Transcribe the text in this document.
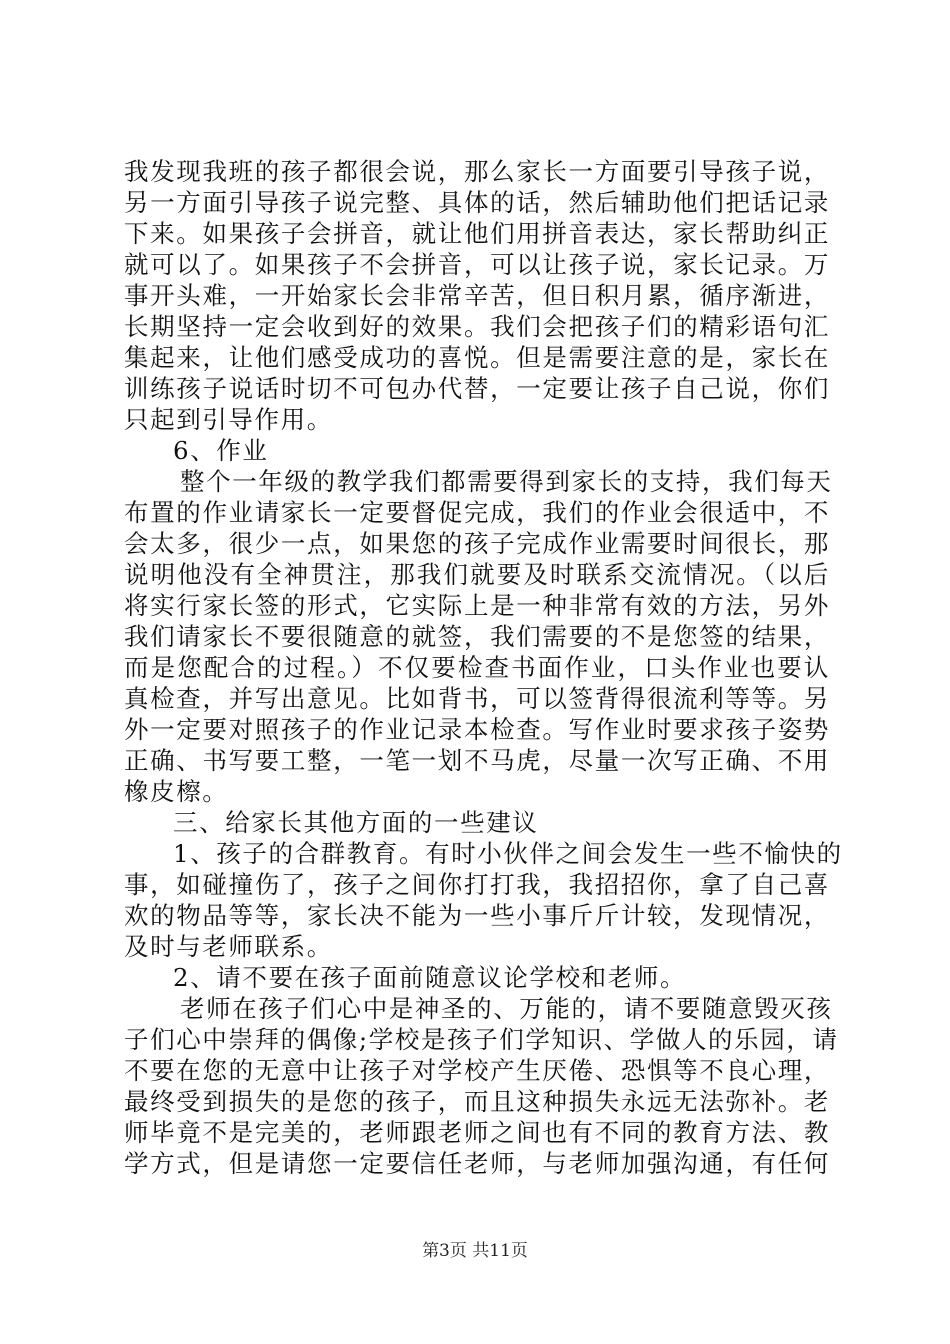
我发现我班的孩子都很会说，那么家长一方面要引导孩子说，
另一方面引导孩子说完整、具体的话，然后辅助他们把话记录
下来。如果孩子会拼音，就让他们用拼音表达，家长帮助纠正
就可以了。如果孩子不会拼音，可以让孩子说，家长记录。万
事开头难，一开始家长会非常辛苦，但日积月累，循序渐进，
长期坚持一定会收到好的效果。我们会把孩子们的精彩语句汇
集起来，让他们感受成功的喜悦。但是需要注意的是，家长在
训练孩子说话时切不可包办代替，一定要让孩子自己说，你们
只起到引导作用。
6、作业
整个一年级的教学我们都需要得到家长的支持，我们每天
布置的作业请家长一定要督促完成，我们的作业会很适中，不
会太多，很少一点，如果您的孩子完成作业需要时间很长，那
说明他没有全神贯注，那我们就要及时联系交流情况。（以后
将实行家长签的形式，它实际上是一种非常有效的方法，另外
我们请家长不要很随意的就签，我们需要的不是您签的结果，
而是您配合的过程。）不仅要检查书面作业，口头作业也要认
真检查，并写出意见。比如背书，可以签背得很流利等等。另
外一定要对照孩子的作业记录本检查。写作业时要求孩子姿势
正确、书写要工整，一笔一划不马虎，尽量一次写正确、不用
橡皮檫。
三、给家长其他方面的一些建议
1、孩子的合群教育。有时小伙伴之间会发生一些不愉快的
事，如碰撞伤了，孩子之间你打打我，我招招你，拿了自己喜
欢的物品等等，家长决不能为一些小事斤斤计较，发现情况，
及时与老师联系。
2、请不要在孩子面前随意议论学校和老师。
老师在孩子们心中是神圣的、万能的，请不要随意毁灭孩
子们心中崇拜的偶像;学校是孩子们学知识、学做人的乐园，请
不要在您的无意中让孩子对学校产生厌倦、恐惧等不良心理，
最终受到损失的是您的孩子，而且这种损失永远无法弥补。老
师毕竟不是完美的，老师跟老师之间也有不同的教育方法、教
学方式，但是请您一定要信任老师，与老师加强沟通，有任何
第3页 共11页
